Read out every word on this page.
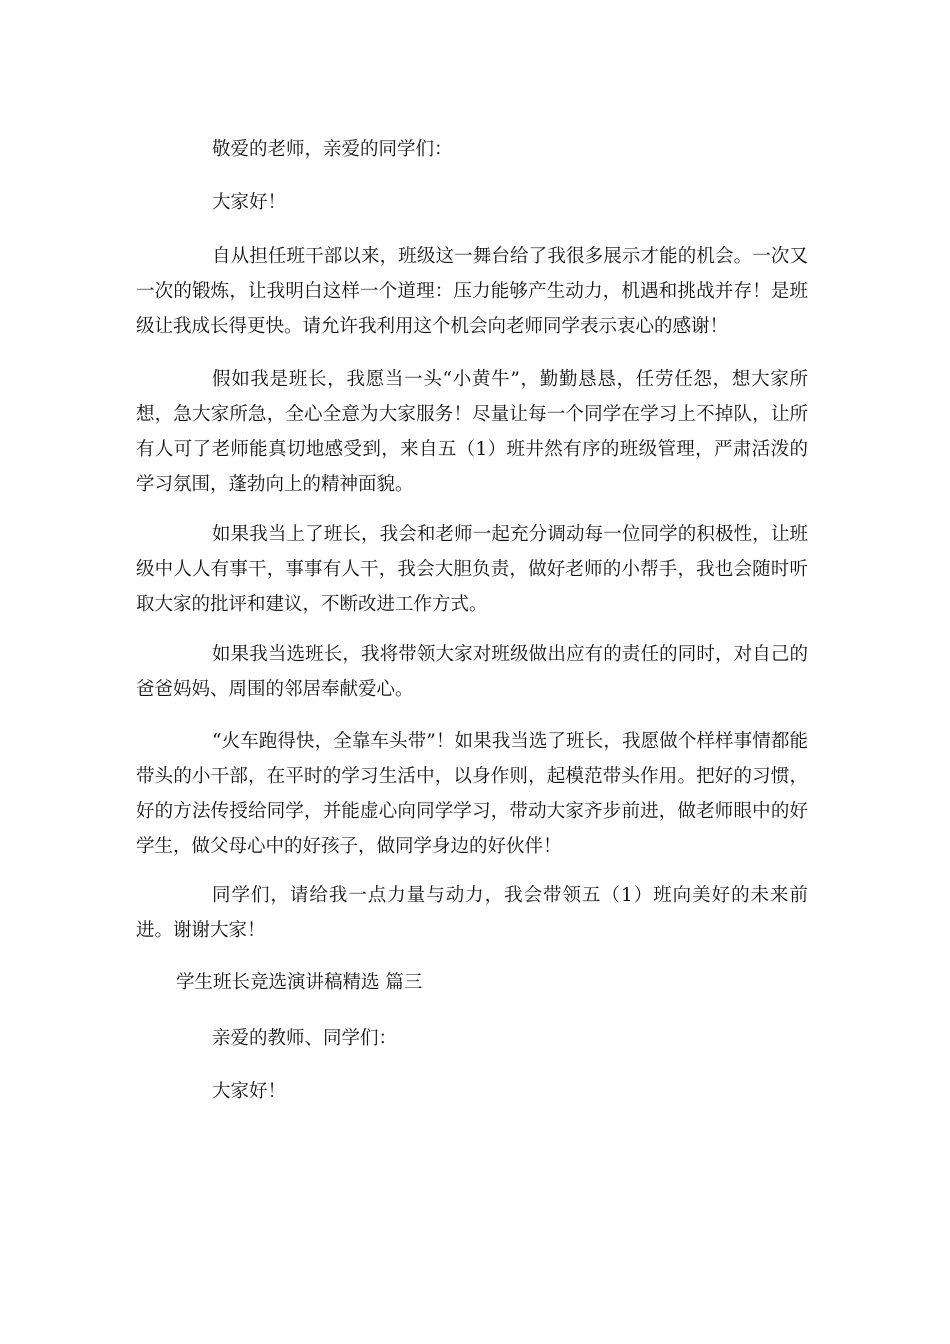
敬爱的老师，亲爱的同学们：

大家好！

自从担任班干部以来，班级这一舞台给了我很多展示才能的机会。一次又一次的锻炼，让我明白这样一个道理：压力能够产生动力，机遇和挑战并存！是班级让我成长得更快。请允许我利用这个机会向老师同学表示衷心的感谢！

假如我是班长，我愿当一头“小黄牛”，勤勤恳恳，任劳任怨，想大家所想，急大家所急，全心全意为大家服务！尽量让每一个同学在学习上不掉队，让所有人可了老师能真切地感受到，来自五（1）班井然有序的班级管理，严肃活泼的学习氛围，蓬勃向上的精神面貌。

如果我当上了班长，我会和老师一起充分调动每一位同学的积极性，让班级中人人有事干，事事有人干，我会大胆负责，做好老师的小帮手，我也会随时听取大家的批评和建议，不断改进工作方式。

如果我当选班长，我将带领大家对班级做出应有的责任的同时，对自己的爸爸妈妈、周围的邻居奉献爱心。

“火车跑得快，全靠车头带”！如果我当选了班长，我愿做个样样事情都能带头的小干部，在平时的学习生活中，以身作则，起模范带头作用。把好的习惯，好的方法传授给同学，并能虚心向同学学习，带动大家齐步前进，做老师眼中的好学生，做父母心中的好孩子，做同学身边的好伙伴！

同学们，请给我一点力量与动力，我会带领五（1）班向美好的未来前进。谢谢大家！

学生班长竞选演讲稿精选 篇三

亲爱的教师、同学们：

大家好！
